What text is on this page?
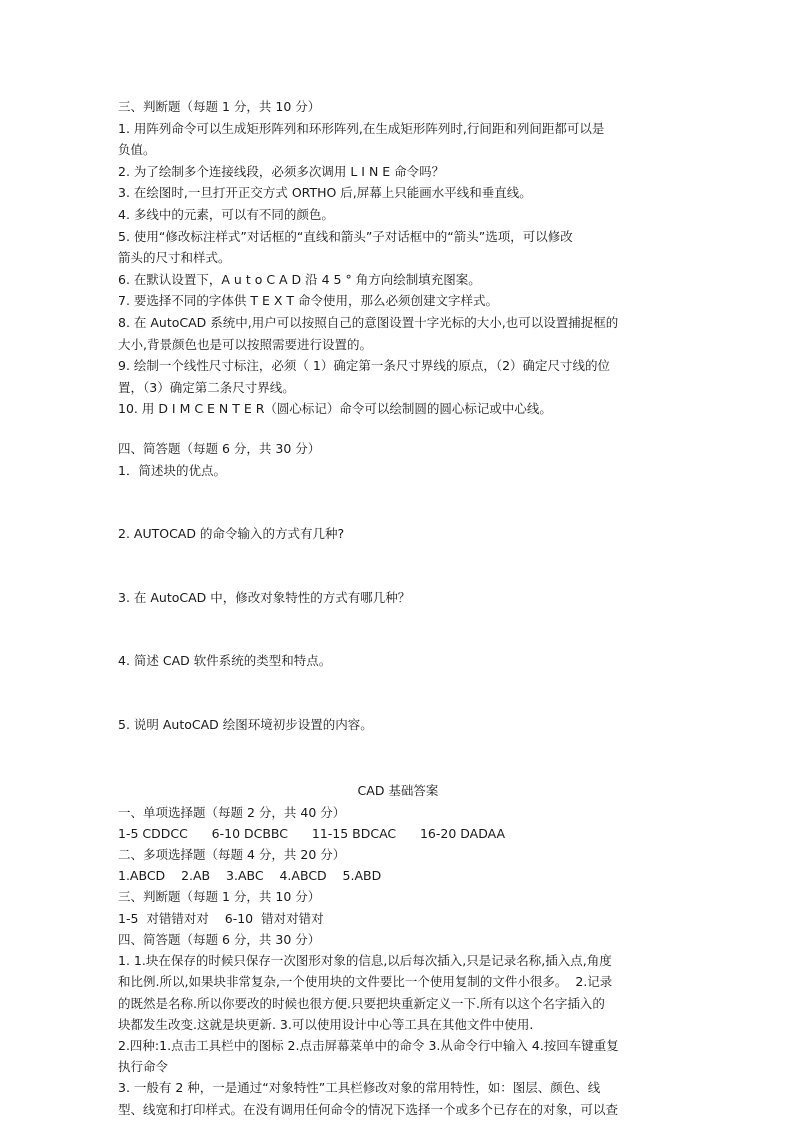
三、判断题（每题 1 分，共 10 分）
1. 用阵列命令可以生成矩形阵列和环形阵列,在生成矩形阵列时,行间距和列间距都可以是
负值。
2. 为了绘制多个连接线段，必须多次调用 L I N E 命令吗？
3. 在绘图时,一旦打开正交方式 ORTHO 后,屏幕上只能画水平线和垂直线。
4. 多线中的元素，可以有不同的颜色。
5. 使用“修改标注样式”对话框的“直线和箭头”子对话框中的“箭头”选项，可以修改
箭头的尺寸和样式。
6. 在默认设置下，A u t o C A D 沿 4 5 ° 角方向绘制填充图案。
7. 要选择不同的字体供 T E X T 命令使用，那么必须创建文字样式。
8. 在 AutoCAD 系统中,用户可以按照自己的意图设置十字光标的大小,也可以设置捕捉框的
大小,背景颜色也是可以按照需要进行设置的。
9. 绘制一个线性尺寸标注，必须（ 1）确定第一条尺寸界线的原点，（2）确定尺寸线的位
置，（3）确定第二条尺寸界线。
10. 用 D I M C E N T E R（圆心标记）命令可以绘制圆的圆心标记或中心线。
四、简答题（每题 6 分，共 30 分）
1．简述块的优点。
2. AUTOCAD 的命令输入的方式有几种?
3. 在 AutoCAD 中，修改对象特性的方式有哪几种？
4. 简述 CAD 软件系统的类型和特点。
5. 说明 AutoCAD 绘图环境初步设置的内容。
CAD 基础答案
一、单项选择题（每题 2 分，共 40 分）
1-5 CDDCC      6-10 DCBBC      11-15 BDCAC      16-20 DADAA
二、多项选择题（每题 4 分，共 20 分）
1.ABCD    2.AB    3.ABC    4.ABCD    5.ABD
三、判断题（每题 1 分，共 10 分）
1-5  对错错对对    6-10  错对对错对
四、简答题（每题 6 分，共 30 分）
1. 1.块在保存的时候只保存一次图形对象的信息,以后每次插入,只是记录名称,插入点,角度
和比例.所以,如果块非常复杂,一个使用块的文件要比一个使用复制的文件小很多。  2.记录
的既然是名称.所以你要改的时候也很方便.只要把块重新定义一下.所有以这个名字插入的
块都发生改变.这就是块更新. 3.可以使用设计中心等工具在其他文件中使用.
2.四种:1.点击工具栏中的图标 2.点击屏幕菜单中的命令 3.从命令行中输入 4.按回车键重复
执行命令
3. 一般有 2 种，一是通过“对象特性”工具栏修改对象的常用特性，如：图层、颜色、线
型、线宽和打印样式。在没有调用任何命令的情况下选择一个或多个已存在的对象，可以查
